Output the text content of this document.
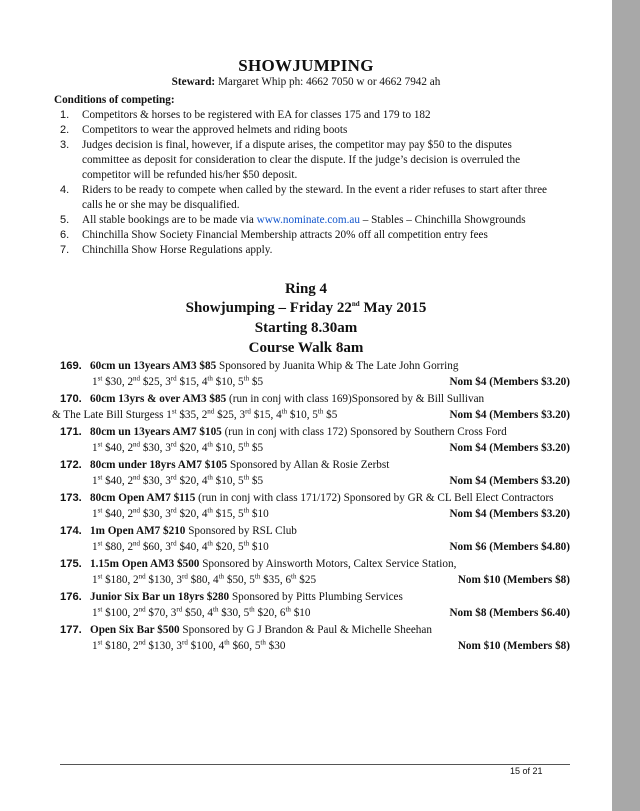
SHOWJUMPING
Steward: Margaret Whip ph: 4662 7050 w or 4662 7942 ah
Conditions of competing:
1. Competitors & horses to be registered with EA for classes 175 and 179 to 182
2. Competitors to wear the approved helmets and riding boots
3. Judges decision is final, however, if a dispute arises, the competitor may pay $50 to the disputes committee as deposit for consideration to clear the dispute. If the judge’s decision is overruled the competitor will be refunded his/her $50 deposit.
4. Riders to be ready to compete when called by the steward. In the event a rider refuses to start after three calls he or she may be disqualified.
5. All stable bookings are to be made via www.nominate.com.au – Stables – Chinchilla Showgrounds
6. Chinchilla Show Society Financial Membership attracts 20% off all competition entry fees
7. Chinchilla Show Horse Regulations apply.
Ring 4
Showjumping – Friday 22nd May 2015
Starting 8.30am
Course Walk 8am
169. 60cm un 13years AM3 $85 Sponsored by Juanita Whip & The Late John Gorring
1st $30, 2nd $25, 3rd $15, 4th $10, 5th $5	Nom $4 (Members $3.20)
170. 60cm 13yrs & over AM3 $85 (run in conj with class 169)Sponsored by & Bill Sullivan
& The Late Bill Sturgess 1st $35, 2nd $25, 3rd $15, 4th $10, 5th $5	Nom $4 (Members $3.20)
171. 80cm un 13years AM7 $105 (run in conj with class 172) Sponsored by Southern Cross Ford
1st $40, 2nd $30, 3rd $20, 4th $10, 5th $5	Nom $4 (Members $3.20)
172. 80cm under 18yrs AM7 $105 Sponsored by Allan & Rosie Zerbst
1st $40, 2nd $30, 3rd $20, 4th $10, 5th $5	Nom $4 (Members $3.20)
173. 80cm Open AM7 $115 (run in conj with class 171/172) Sponsored by GR & CL Bell Elect Contractors
1st $40, 2nd $30, 3rd $20, 4th $15, 5th $10	Nom $4 (Members $3.20)
174. 1m Open AM7 $210 Sponsored by RSL Club
1st $80, 2nd $60, 3rd $40, 4th $20, 5th $10	Nom $6 (Members $4.80)
175. 1.15m Open AM3 $500 Sponsored by Ainsworth Motors, Caltex Service Station,
1st $180, 2nd $130, 3rd $80, 4th $50, 5th $35, 6th $25	Nom $10 (Members $8)
176. Junior Six Bar un 18yrs $280 Sponsored by Pitts Plumbing Services
1st $100, 2nd $70, 3rd $50, 4th $30, 5th $20, 6th $10	Nom $8 (Members $6.40)
177. Open Six Bar $500 Sponsored by G J Brandon & Paul & Michelle Sheehan
1st $180, 2nd $130, 3rd $100, 4th $60, 5th $30	Nom $10 (Members $8)
15 of 21
